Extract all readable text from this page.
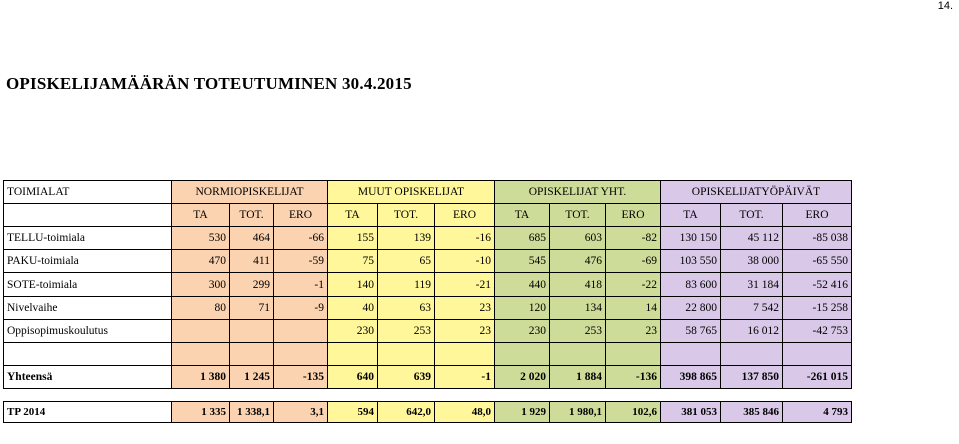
14.
OPISKELIJAMÄÄRÄN TOTEUTUMINEN 30.4.2015
TOIMIALAT	NORMIOPISKELIJAT			MUUT OPISKELIJAT			OPISKELIJAT YHT.			OPISKELIJATYÖPÄIVÄT		
	TA	TOT.	ERO	TA	TOT.	ERO	TA	TOT.	ERO	TA	TOT.	ERO
TELLU-toimiala	530	464	-66	155	139	-16	685	603	-82	130 150	45 112	-85 038
PAKU-toimiala	470	411	-59	75	65	-10	545	476	-69	103 550	38 000	-65 550
SOTE-toimiala	300	299	-1	140	119	-21	440	418	-22	83 600	31 184	-52 416
Nivelvaihe	80	71	-9	40	63	23	120	134	14	22 800	7 542	-15 258
Oppisopimuskoulutus				230	253	23	230	253	23	58 765	16 012	-42 753

Yhteensä	1 380	1 245	-135	640	639	-1	2 020	1 884	-136	398 865	137 850	-261 015

TP 2014	1 335	1 338,1	3,1	594	642,0	48,0	1 929	1 980,1	102,6	381 053	385 846	4 793
